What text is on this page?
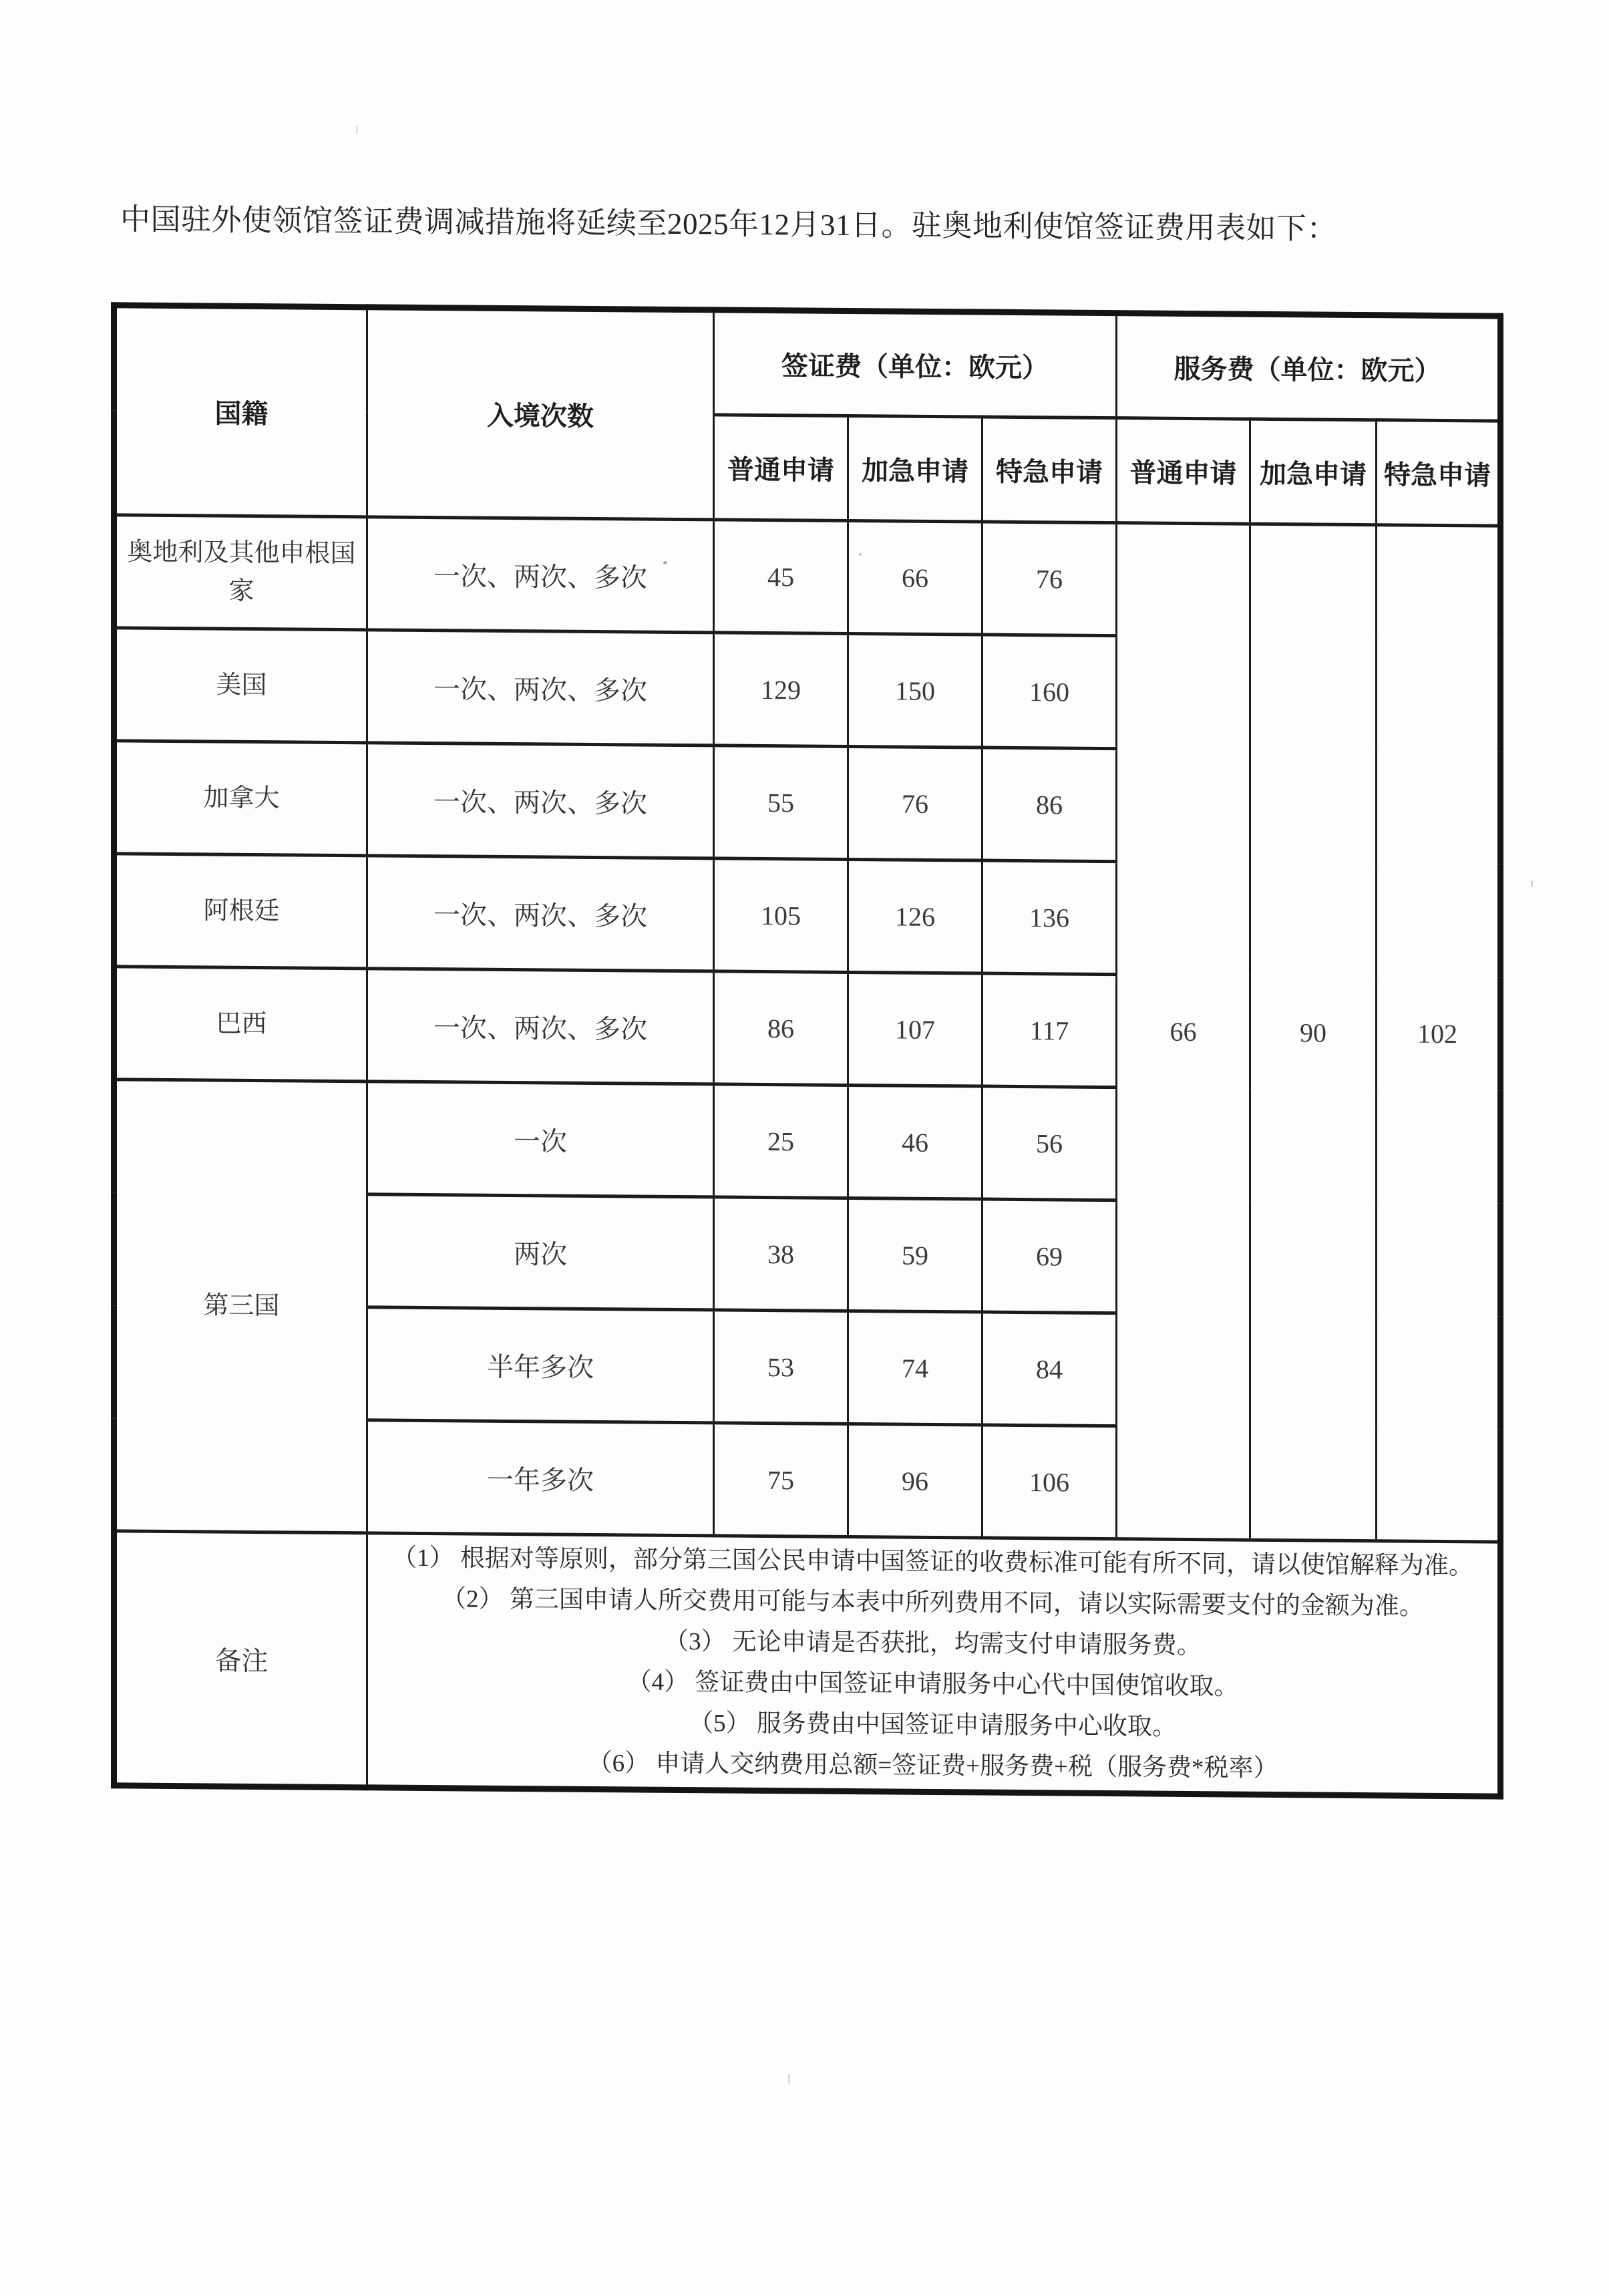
中国驻外使领馆签证费调减措施将延续至2025年12月31日。驻奥地利使馆签证费用表如下：

国籍	入境次数	签证费（单位：欧元）			服务费（单位：欧元）		
		普通申请	加急申请	特急申请	普通申请	加急申请	特急申请
奥地利及其他申根国家	一次、两次、多次	45	66	76	66	90	102
美国	一次、两次、多次	129	150	160			
加拿大	一次、两次、多次	55	76	86			
阿根廷	一次、两次、多次	105	126	136			
巴西	一次、两次、多次	86	107	117			
第三国	一次	25	46	56			
	两次	38	59	69			
	半年多次	53	74	84			
	一年多次	75	96	106			
备注	
（1） 根据对等原则，部分第三国公民申请中国签证的收费标准可能有所不同，请以使馆解释为准。
（2） 第三国申请人所交费用可能与本表中所列费用不同，请以实际需要支付的金额为准。
（3） 无论申请是否获批，均需支付申请服务费。
（4） 签证费由中国签证申请服务中心代中国使馆收取。
（5） 服务费由中国签证申请服务中心收取。
（6） 申请人交纳费用总额=签证费+服务费+税（服务费*税率）
